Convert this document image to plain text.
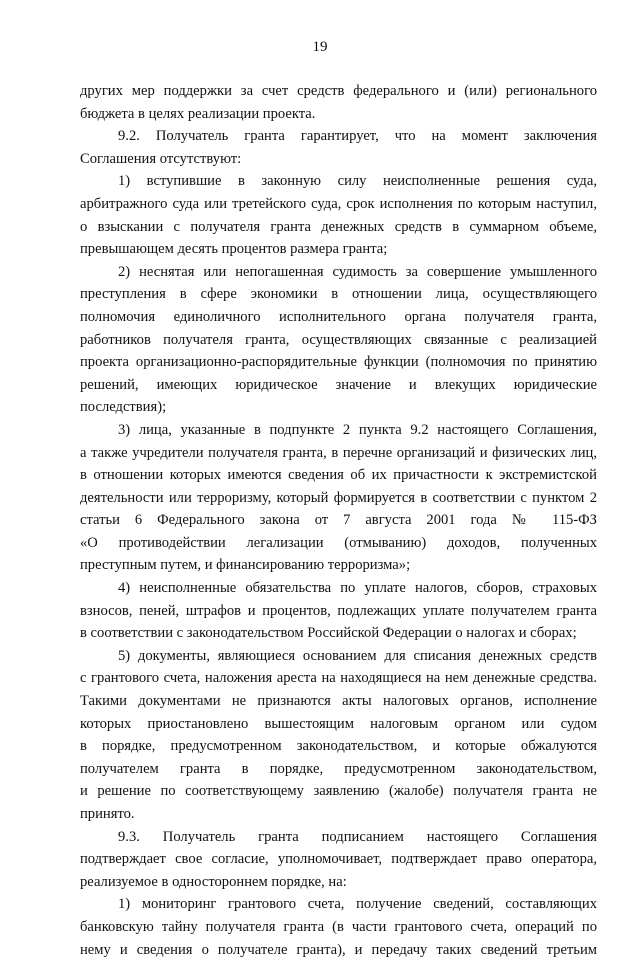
19
других мер поддержки за счет средств федерального и (или) регионального
бюджета в целях реализации проекта.
9.2. Получатель гранта гарантирует, что на момент заключения
Соглашения отсутствуют:
1) вступившие в законную силу неисполненные решения суда,
арбитражного суда или третейского суда, срок исполнения по которым наступил,
о взыскании с получателя гранта денежных средств в суммарном объеме,
превышающем десять процентов размера гранта;
2) неснятая или непогашенная судимость за совершение умышленного
преступления в сфере экономики в отношении лица, осуществляющего
полномочия единоличного исполнительного органа получателя гранта,
работников получателя гранта, осуществляющих связанные с реализацией
проекта организационно-распорядительные функции (полномочия по принятию
решений, имеющих юридическое значение и влекущих юридические
последствия);
3) лица, указанные в подпункте 2 пункта 9.2 настоящего Соглашения,
а также учредители получателя гранта, в перечне организаций и физических лиц,
в отношении которых имеются сведения об их причастности к экстремистской
деятельности или терроризму, который формируется в соответствии с пунктом 2
статьи 6 Федерального закона от 7 августа 2001 года № 115-ФЗ
«О противодействии легализации (отмыванию) доходов, полученных
преступным путем, и финансированию терроризма»;
4) неисполненные обязательства по уплате налогов, сборов, страховых
взносов, пеней, штрафов и процентов, подлежащих уплате получателем гранта
в соответствии с законодательством Российской Федерации о налогах и сборах;
5) документы, являющиеся основанием для списания денежных средств
с грантового счета, наложения ареста на находящиеся на нем денежные средства.
Такими документами не признаются акты налоговых органов, исполнение
которых приостановлено вышестоящим налоговым органом или судом
в порядке, предусмотренном законодательством, и которые обжалуются
получателем гранта в порядке, предусмотренном законодательством,
и решение по соответствующему заявлению (жалобе) получателя гранта не
принято.
9.3. Получатель гранта подписанием настоящего Соглашения
подтверждает свое согласие, уполномочивает, подтверждает право оператора,
реализуемое в одностороннем порядке, на:
1) мониторинг грантового счета, получение сведений, составляющих
банковскую тайну получателя гранта (в части грантового счета, операций по
нему и сведения о получателе гранта), и передачу таких сведений третьим
